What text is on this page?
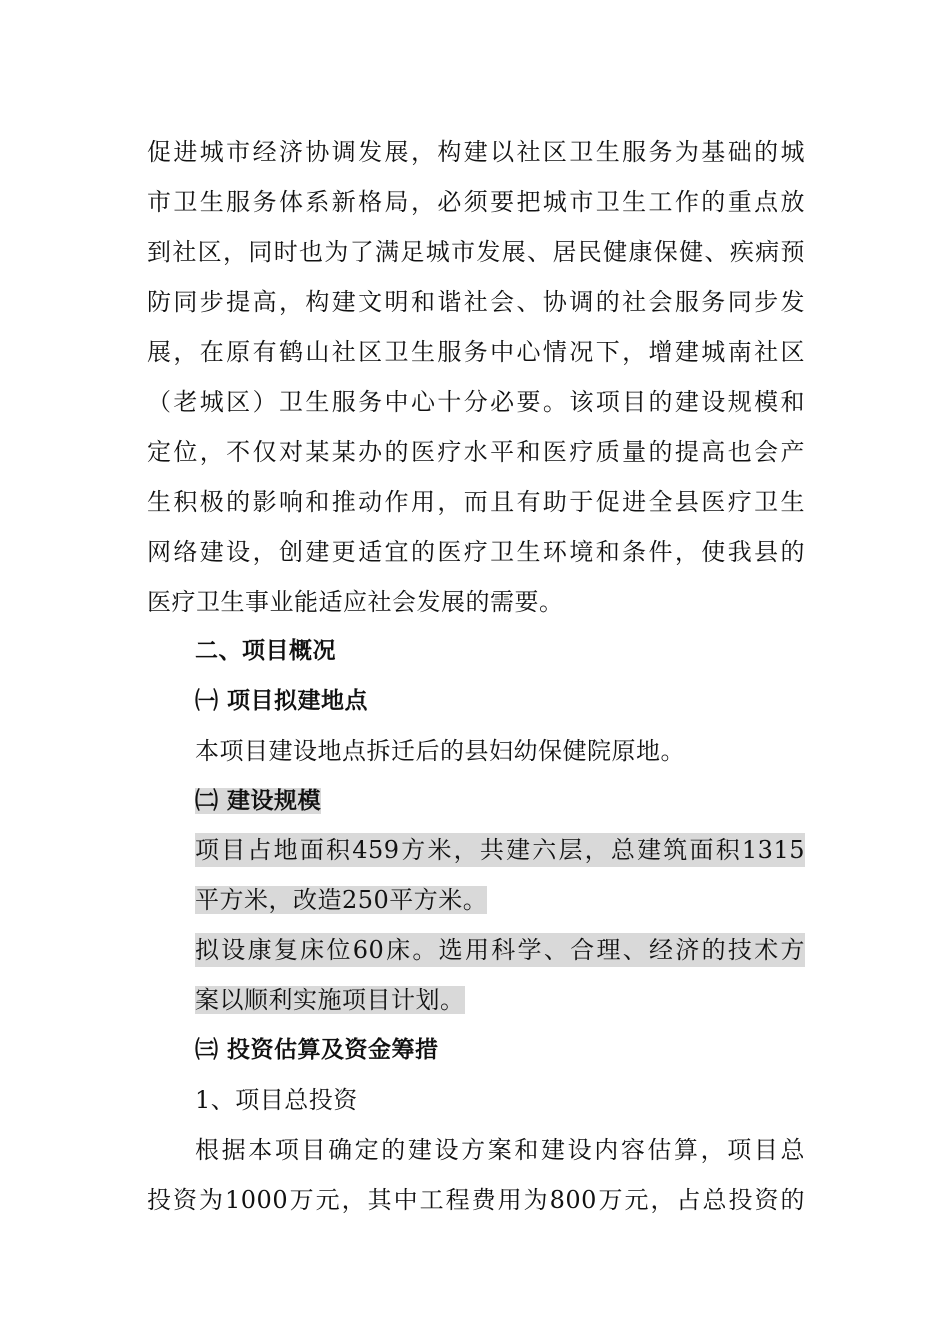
促进城市经济协调发展，构建以社区卫生服务为基础的城
市卫生服务体系新格局，必须要把城市卫生工作的重点放
到社区，同时也为了满足城市发展、居民健康保健、疾病预
防同步提高，构建文明和谐社会、协调的社会服务同步发
展，在原有鹤山社区卫生服务中心情况下，增建城南社区
（老城区）卫生服务中心十分必要。该项目的建设规模和
定位，不仅对某某办的医疗水平和医疗质量的提高也会产
生积极的影响和推动作用，而且有助于促进全县医疗卫生
网络建设，创建更适宜的医疗卫生环境和条件，使我县的
医疗卫生事业能适应社会发展的需要。
二、项目概况
㈠ 项目拟建地点
本项目建设地点拆迁后的县妇幼保健院原地。
㈡ 建设规模
项目占地面积459方米，共建六层，总建筑面积1315
平方米，改造250平方米。
拟设康复床位60床。选用科学、合理、经济的技术方
案以顺利实施项目计划。
㈢ 投资估算及资金筹措
1、项目总投资
根据本项目确定的建设方案和建设内容估算，项目总
投资为1000万元，其中工程费用为800万元，占总投资的
